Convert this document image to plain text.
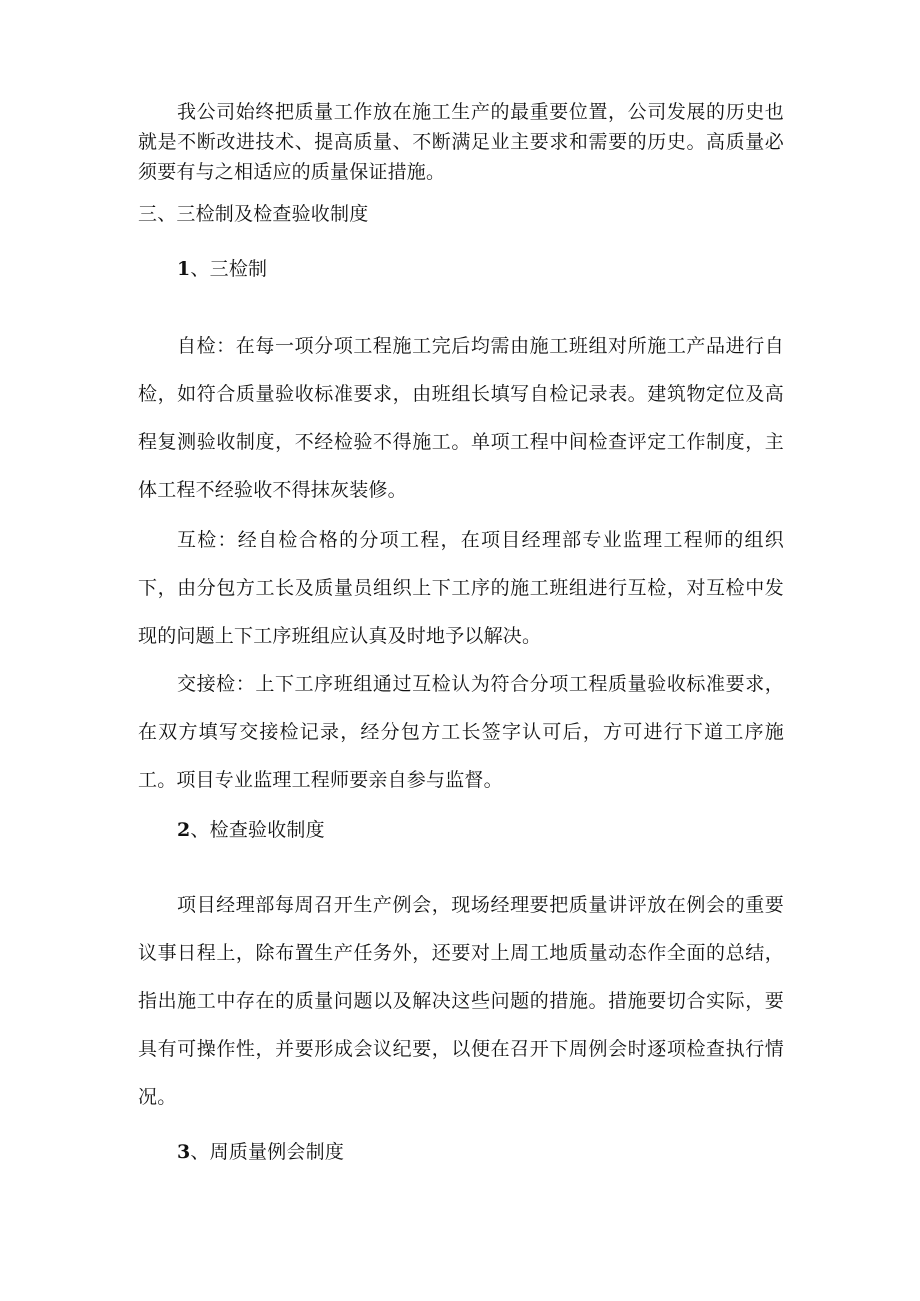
我公司始终把质量工作放在施工生产的最重要位置，公司发展的历史也就是不断改进技术、提高质量、不断满足业主要求和需要的历史。高质量必须要有与之相适应的质量保证措施。

三、三检制及检查验收制度

1、三检制

自检：在每一项分项工程施工完后均需由施工班组对所施工产品进行自检，如符合质量验收标准要求，由班组长填写自检记录表。建筑物定位及高程复测验收制度，不经检验不得施工。单项工程中间检查评定工作制度，主体工程不经验收不得抹灰装修。

互检：经自检合格的分项工程，在项目经理部专业监理工程师的组织下，由分包方工长及质量员组织上下工序的施工班组进行互检，对互检中发现的问题上下工序班组应认真及时地予以解决。

交接检：上下工序班组通过互检认为符合分项工程质量验收标准要求，在双方填写交接检记录，经分包方工长签字认可后，方可进行下道工序施工。项目专业监理工程师要亲自参与监督。

2、检查验收制度

项目经理部每周召开生产例会，现场经理要把质量讲评放在例会的重要议事日程上，除布置生产任务外，还要对上周工地质量动态作全面的总结，指出施工中存在的质量问题以及解决这些问题的措施。措施要切合实际，要具有可操作性，并要形成会议纪要，以便在召开下周例会时逐项检查执行情况。

3、周质量例会制度
